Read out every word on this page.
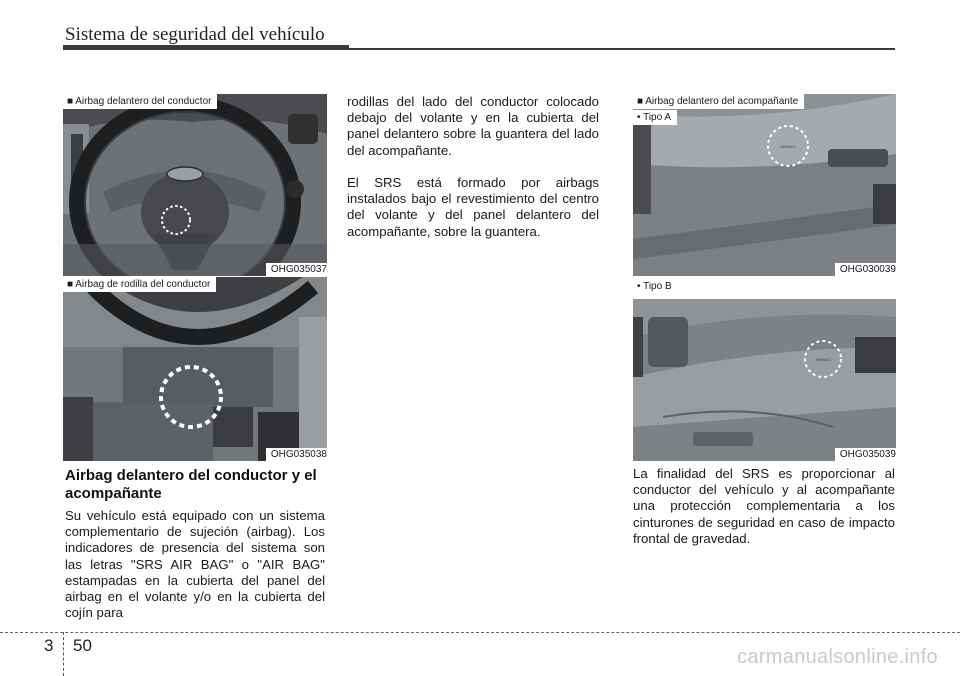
Sistema de seguridad del vehículo
■ Airbag delantero del conductor
OHG035037
■ Airbag de rodilla del conductor
OHG035038
AIRBAG
■ Airbag delantero del acompañante
• Tipo A
OHG030039
AIRBAG
• Tipo B
OHG035039
Airbag delantero del conductor y el acompañante
Su vehículo está equipado con un sistema complementario de sujeción (airbag). Los indicadores de presencia del sistema son las letras "SRS AIR BAG" o "AIR BAG" estampadas en la cubierta del panel del airbag en el volante y/o en la cubierta del cojín para
rodillas del lado del conductor colocado debajo del volante y en la cubierta del panel delantero sobre la guantera del lado del acompañante.
El SRS está formado por airbags instalados bajo el revestimiento del centro del volante y del panel delantero del acompañante, sobre la guantera.
La finalidad del SRS es proporcionar al conductor del vehículo y al acompañante una protección complementaria a los cinturones de seguridad en caso de impacto frontal de gravedad.
3 50
carmanualsonline.info
